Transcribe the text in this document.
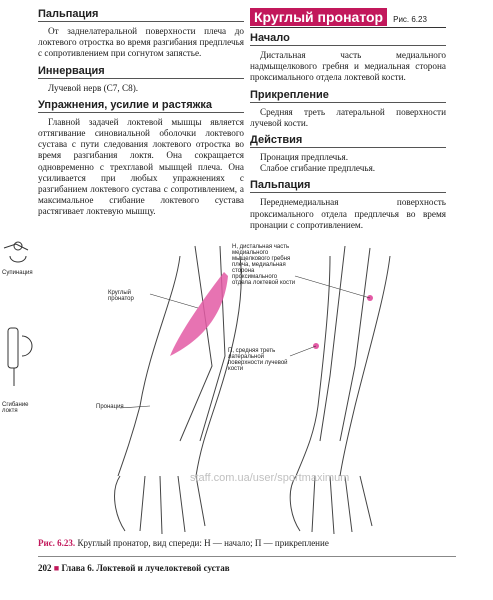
Пальпация
От заднелатеральной поверхности плеча до локтевого отростка во время разгибания предплечья с сопротивлением при согнутом запястье.
Иннервация
Лучевой нерв (C7, C8).
Упражнения, усилие и растяжка
Главной задачей локтевой мышцы является оттягивание синовиальной оболочки локтевого сустава с пути следования локтевого отростка во время разгибания локтя. Она сокращается одновременно с трехглавой мышцей плеча. Она усиливается при любых упражнениях с разгибанием локтевого сустава с сопротивлением, а максимальное сгибание локтевого сустава растягивает локтевую мышцу.
Круглый пронатор	Рис. 6.23
Начало
Дистальная часть медиального надмыщелкового гребня и медиальная сторона проксимального отдела локтевой кости.
Прикрепление
Средняя треть латеральной поверхности лучевой кости.
Действия
Пронация предплечья.
Слабое сгибание предплечья.
Пальпация
Переднемедиальная поверхность проксимального отдела предплечья во время пронации с сопротивлением.
Супинация
Сгибание локтя
Круглый пронатор
Пронация
Н, дистальная часть медиального мыщелкового гребня плеча, медиальная сторона проксимального отдела локтевой кости
П, средняя треть латеральной поверхности лучевой кости
staff.com.ua/user/sportmaximum
Рис. 6.23. Круглый пронатор, вид спереди: Н — начало; П — прикрепление
202 ■ Глава 6. Локтевой и лучелоктевой сустав
